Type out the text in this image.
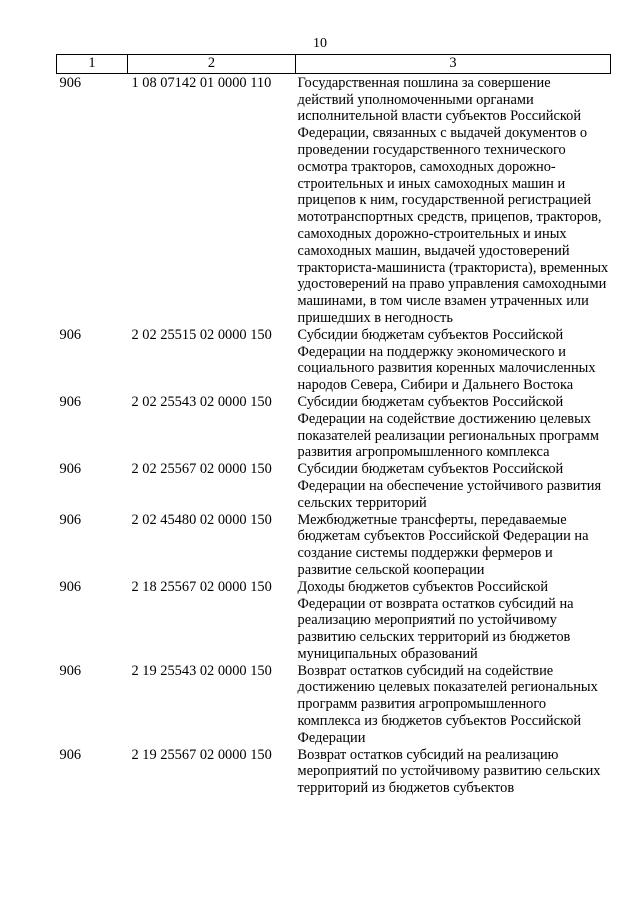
10
1	2	3
906	1 08 07142 01 0000 110	Государственная пошлина за совершение действий уполномоченными органами исполнительной власти субъектов Российской Федерации, связанных с выдачей документов о проведении государственного технического осмотра тракторов, самоходных дорожно-строительных и иных самоходных машин и прицепов к ним, государственной регистрацией мототранспортных средств, прицепов, тракторов, самоходных дорожно-строительных и иных самоходных машин, выдачей удостоверений тракториста-машиниста (тракториста), временных удостоверений на право управления самоходными машинами, в том числе взамен утраченных или пришедших в негодность
906	2 02 25515 02 0000 150	Субсидии бюджетам субъектов Российской Федерации на поддержку экономического и социального развития коренных малочисленных народов Севера, Сибири и Дальнего Востока
906	2 02 25543 02 0000 150	Субсидии бюджетам субъектов Российской Федерации на содействие достижению целевых показателей реализации региональных программ развития агропромышленного комплекса
906	2 02 25567 02 0000 150	Субсидии бюджетам субъектов Российской Федерации на обеспечение устойчивого развития сельских территорий
906	2 02 45480 02 0000 150	Межбюджетные трансферты, передаваемые бюджетам субъектов Российской Федерации на создание системы поддержки фермеров и развитие сельской кооперации
906	2 18 25567 02 0000 150	Доходы бюджетов субъектов Российской Федерации от возврата остатков субсидий на реализацию мероприятий по устойчивому развитию сельских территорий из бюджетов муниципальных образований
906	2 19 25543 02 0000 150	Возврат остатков субсидий на содействие достижению целевых показателей региональных программ развития агропромышленного комплекса из бюджетов субъектов Российской Федерации
906	2 19 25567 02 0000 150	Возврат остатков субсидий на реализацию мероприятий по устойчивому развитию сельских территорий из бюджетов субъектов
